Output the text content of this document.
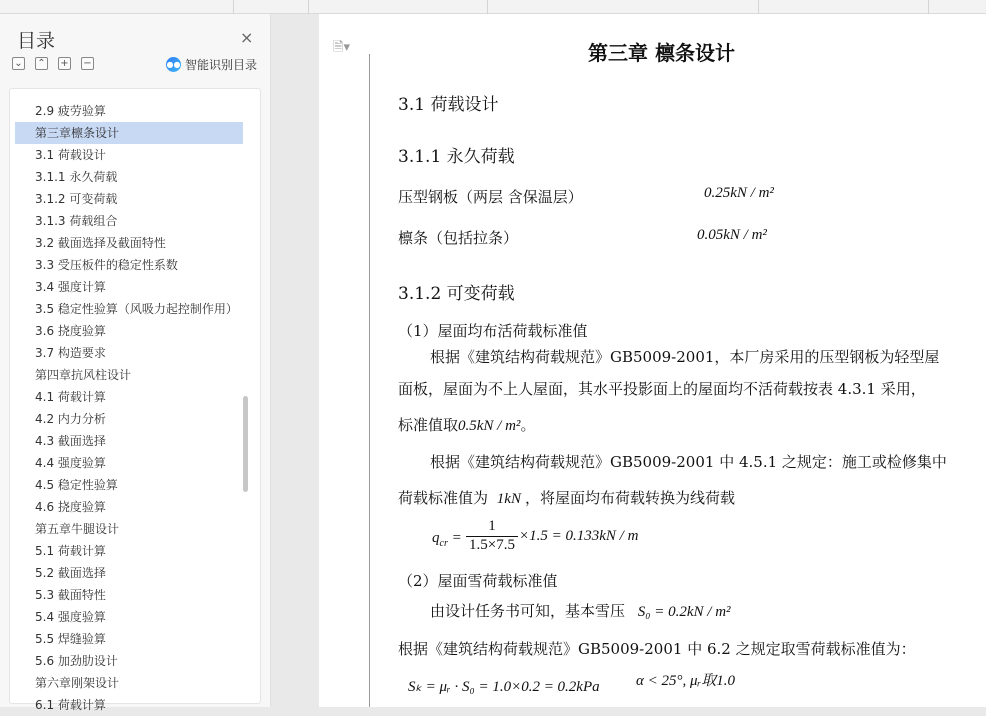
目录	×
⌄ ⌃ + −	●● 智能识别目录
2.9 疲劳验算
第三章檩条设计
3.1 荷载设计
3.1.1 永久荷载
3.1.2 可变荷载
3.1.3 荷载组合
3.2 截面选择及截面特性
3.3 受压板件的稳定性系数
3.4 强度计算
3.5 稳定性验算（风吸力起控制作用）
3.6 挠度验算
3.7 构造要求
第四章抗风柱设计
4.1 荷载计算
4.2 内力分析
4.3 截面选择
4.4 强度验算
4.5 稳定性验算
4.6 挠度验算
第五章牛腿设计
5.1 荷载计算
5.2 截面选择
5.3 截面特性
5.4 强度验算
5.5 焊缝验算
5.6 加劲肋设计
第六章刚架设计
6.1 荷载计算
🗎▾	第三章 檩条设计
3.1 荷载设计
3.1.1 永久荷载
压型钢板（两层 含保温层）	0.25kN / m²
檩条（包括拉条）	0.05kN / m²
3.1.2 可变荷载
（1）屋面均布活荷载标准值
根据《建筑结构荷载规范》GB5009-2001，本厂房采用的压型钢板为轻型屋
面板，屋面为不上人屋面，其水平投影面上的屋面均不活荷载按表 4.3.1 采用，
标准值取0.5kN / m²。
根据《建筑结构荷载规范》GB5009-2001 中 4.5.1 之规定：施工或检修集中
荷载标准值为 1kN ，将屋面均布荷载转换为线荷载
$q_{cr} = \frac{1}{1.5\times 7.5} \times 1.5 = 0.133kN / m$
（2）屋面雪荷载标准值
由设计任务书可知，基本雪压 S₀ = 0.2kN / m²
根据《建筑结构荷载规范》GB5009-2001 中 6.2 之规定取雪荷载标准值为：
Sₖ = μᵣ · S₀ = 1.0×0.2 = 0.2kPa α < 25°, μᵣ取1.0
